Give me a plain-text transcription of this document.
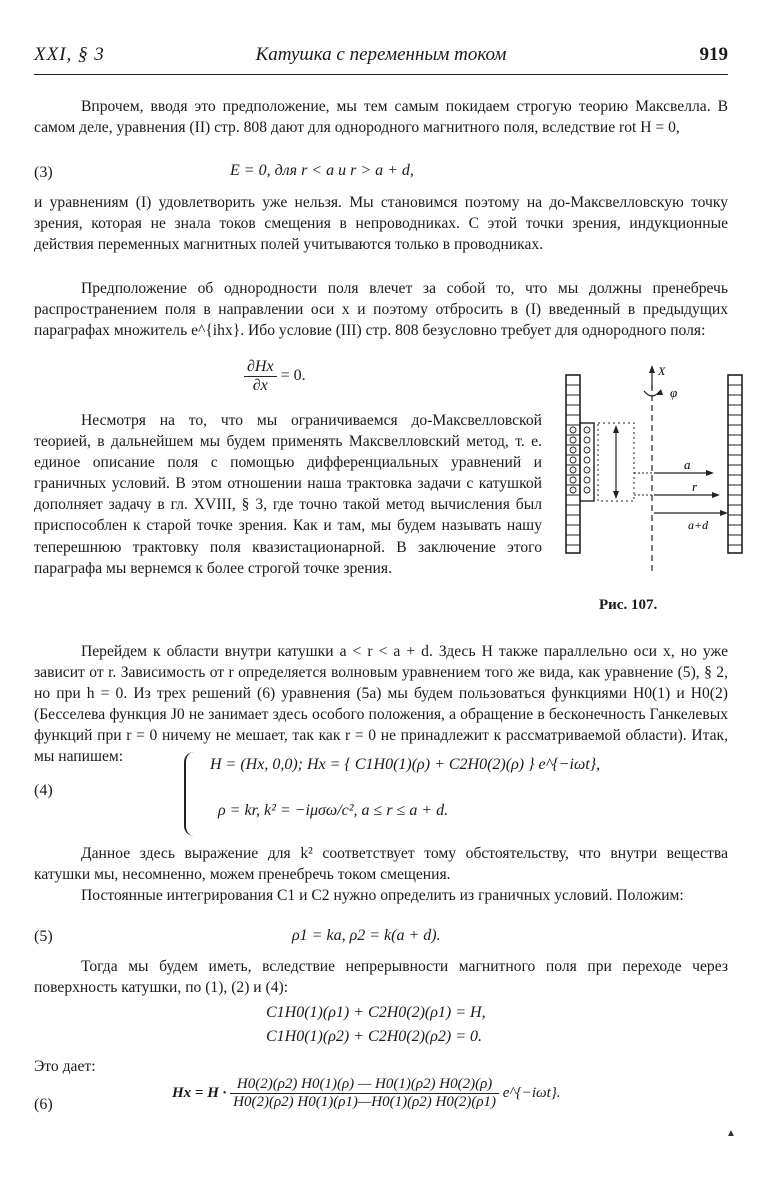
XXI, § 3	Катушка с переменным током	919

Впрочем, вводя это предположение, мы тем самым покидаем строгую теорию Максвелла. В самом деле, уравнения (II) стр. 808 дают для однородного магнитного поля, вследствие rot H = 0,

(3)	E = 0, для r < a и r > a + d,

и уравнениям (I) удовлетворить уже нельзя. Мы становимся поэтому на до-Максвелловскую точку зрения, которая не знала токов смещения в непроводниках. С этой точки зрения, индукционные действия переменных магнитных полей учитываются только в проводниках.

Предположение об однородности поля влечет за собой то, что мы должны пренебречь распространением поля в направлении оси x и поэтому отбросить в (I) введенный в предыдущих параграфах множитель e^{ihx}. Ибо условие (III) стр. 808 безусловно требует для однородного поля:

$\frac{\partial Hx}{\partial x} = 0$.

Несмотря на то, что мы ограничиваемся до-Максвелловской теорией, в дальнейшем мы будем применять Максвелловский метод, т. е. единое описание поля с помощью дифференциальных уравнений и граничных условий. В этом отношении наша трактовка задачи с катушкой дополняет задачу в гл. XVIII, § 3, где точно такой метод вычисления был приспособлен к старой точке зрения. Как и там, мы будем называть нашу теперешнюю трактовку поля квазистационарной. В заключение этого параграфа мы вернемся к более строгой точке зрения.

X
φ
a
r
a+d
Рис. 107.

Перейдем к области внутри катушки a < r < a + d. Здесь H также параллельно оси x, но уже зависит от r. Зависимость от r определяется волновым уравнением того же вида, как уравнение (5), § 2, но при h = 0. Из трех решений (6) уравнения (5a) мы будем пользоваться функциями H0(1) и H0(2) (Бесселева функция J0 не занимает здесь особого положения, а обращение в бесконечность Ганкелевых функций при r = 0 ничему не мешает, так как r = 0 не принадлежит к рассматриваемой области). Итак, мы напишем:

(4)
H = (Hx, 0,0); Hx = { C1H0(1)(ρ) + C2H0(2)(ρ) } e^{−iωt},
ρ = kr, k² = −iμσω/c², a ≤ r ≤ a + d.

Данное здесь выражение для k² соответствует тому обстоятельству, что внутри вещества катушки мы, несомненно, можем пренебречь током смещения.

Постоянные интегрирования C1 и C2 нужно определить из граничных условий. Положим:

(5)	ρ1 = ka, ρ2 = k(a + d).

Тогда мы будем иметь, вследствие непрерывности магнитного поля при переходе через поверхность катушки, по (1), (2) и (4):

C1H0(1)(ρ1) + C2H0(2)(ρ1) = H,
C1H0(1)(ρ2) + C2H0(2)(ρ2) = 0.

Это дает:

(6)
$Hx = H \cdot \frac{H0(2)(\rho 2) H0(1)(\rho) — H0(1)(\rho 2) H0(2)(\rho)}{H0(2)(\rho 2) H0(1)(\rho 1)—H0(1)(\rho 2) H0(2)(\rho 1)}$ e^{−iωt}.
▲
